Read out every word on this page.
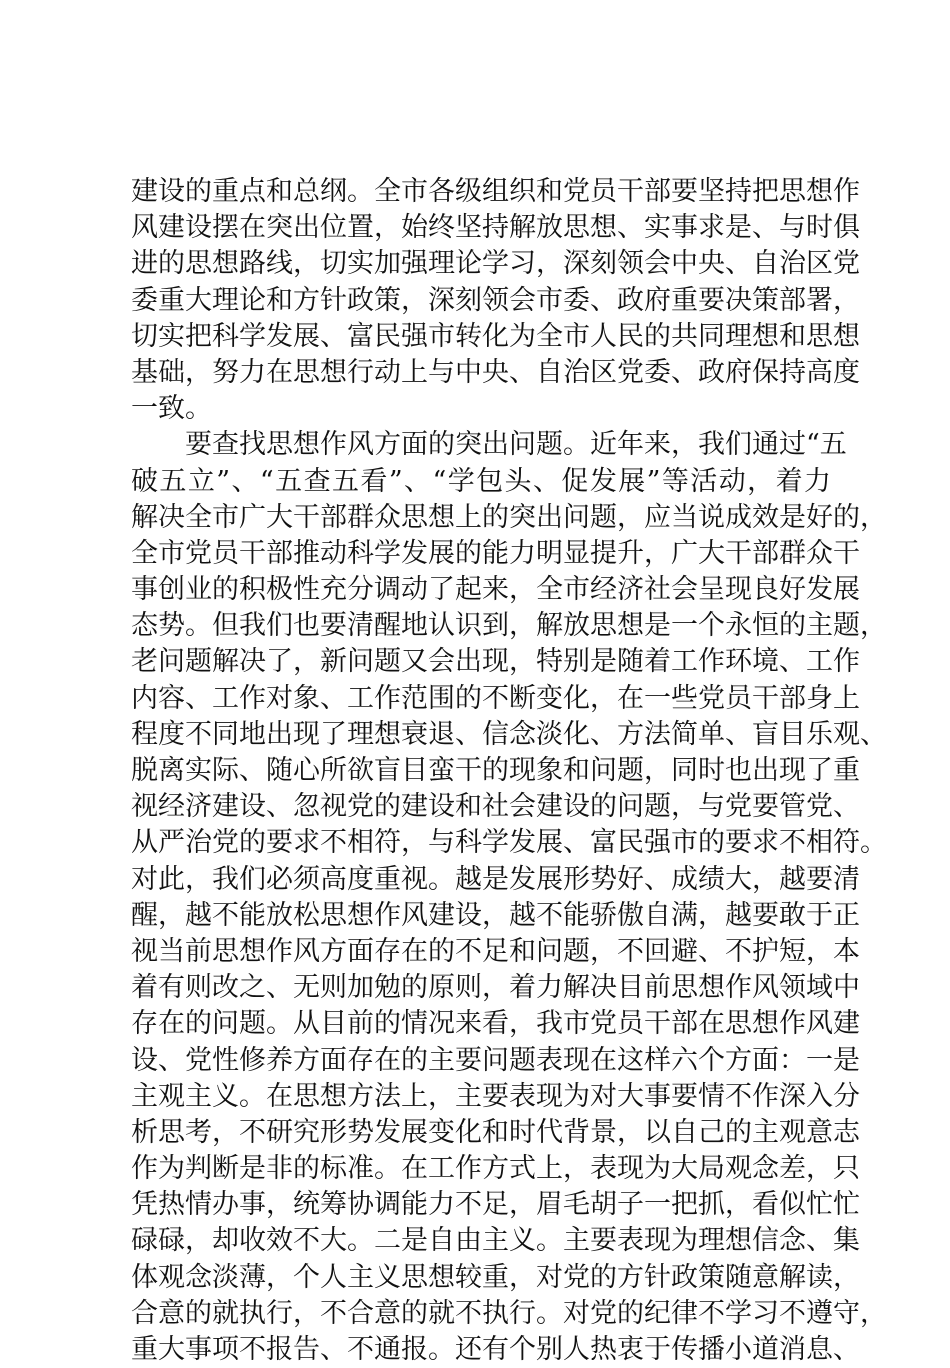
建设的重点和总纲。全市各级组织和党员干部要坚持把思想作
风建设摆在突出位置，始终坚持解放思想、实事求是、与时俱
进的思想路线，切实加强理论学习，深刻领会中央、自治区党
委重大理论和方针政策，深刻领会市委、政府重要决策部署，
切实把科学发展、富民强市转化为全市人民的共同理想和思想
基础，努力在思想行动上与中央、自治区党委、政府保持高度
一致。
要查找思想作风方面的突出问题。近年来，我们通过“五
破五立”、“五查五看”、“学包头、促发展”等活动，着力
解决全市广大干部群众思想上的突出问题，应当说成效是好的，
全市党员干部推动科学发展的能力明显提升，广大干部群众干
事创业的积极性充分调动了起来，全市经济社会呈现良好发展
态势。但我们也要清醒地认识到，解放思想是一个永恒的主题，
老问题解决了，新问题又会出现，特别是随着工作环境、工作
内容、工作对象、工作范围的不断变化，在一些党员干部身上
程度不同地出现了理想衰退、信念淡化、方法简单、盲目乐观、
脱离实际、随心所欲盲目蛮干的现象和问题，同时也出现了重
视经济建设、忽视党的建设和社会建设的问题，与党要管党、
从严治党的要求不相符，与科学发展、富民强市的要求不相符。
对此，我们必须高度重视。越是发展形势好、成绩大，越要清
醒，越不能放松思想作风建设，越不能骄傲自满，越要敢于正
视当前思想作风方面存在的不足和问题，不回避、不护短，本
着有则改之、无则加勉的原则，着力解决目前思想作风领域中
存在的问题。从目前的情况来看，我市党员干部在思想作风建
设、党性修养方面存在的主要问题表现在这样六个方面：一是
主观主义。在思想方法上，主要表现为对大事要情不作深入分
析思考，不研究形势发展变化和时代背景，以自己的主观意志
作为判断是非的标准。在工作方式上，表现为大局观念差，只
凭热情办事，统筹协调能力不足，眉毛胡子一把抓，看似忙忙
碌碌，却收效不大。二是自由主义。主要表现为理想信念、集
体观念淡薄，个人主义思想较重，对党的方针政策随意解读，
合意的就执行，不合意的就不执行。对党的纪律不学习不遵守，
重大事项不报告、不通报。还有个别人热衷于传播小道消息、
